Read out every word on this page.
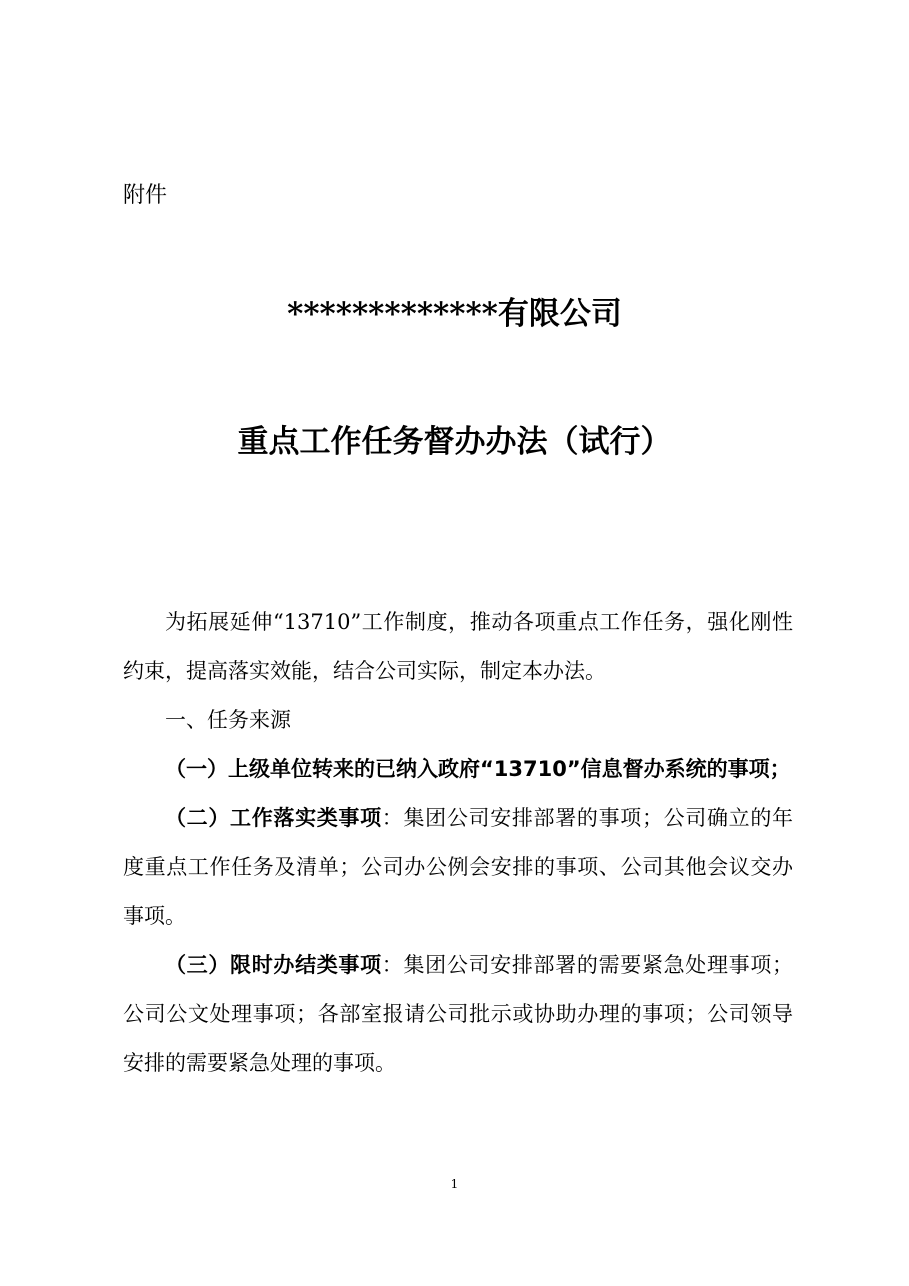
附件
*************有限公司
重点工作任务督办办法（试行）

为拓展延伸“13710”工作制度，推动各项重点工作任务，强化刚性约束，提高落实效能，结合公司实际，制定本办法。

一、任务来源

（一）上级单位转来的已纳入政府“13710”信息督办系统的事项；

（二）工作落实类事项：集团公司安排部署的事项；公司确立的年度重点工作任务及清单；公司办公例会安排的事项、公司其他会议交办事项。

（三）限时办结类事项：集团公司安排部署的需要紧急处理事项；公司公文处理事项；各部室报请公司批示或协助办理的事项；公司领导安排的需要紧急处理的事项。

1
